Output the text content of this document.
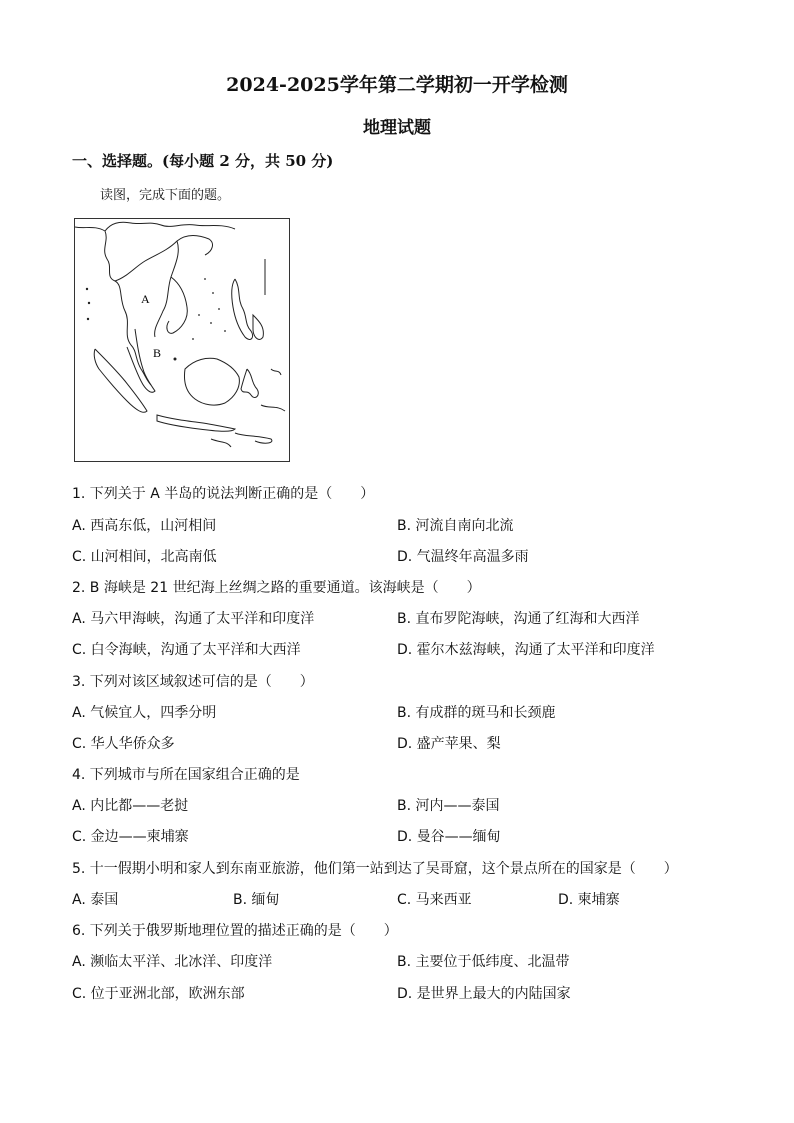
2024-2025学年第二学期初一开学检测
地理试题
一、选择题。(每小题 2 分，共 50 分)
读图，完成下面的题。
A
B
1. 下列关于 A 半岛的说法判断正确的是（　　）
A. 西高东低，山河相间	B. 河流自南向北流
C. 山河相间，北高南低	D. 气温终年高温多雨
2. B 海峡是 21 世纪海上丝绸之路的重要通道。该海峡是（　　）
A. 马六甲海峡，沟通了太平洋和印度洋	B. 直布罗陀海峡，沟通了红海和大西洋
C. 白令海峡，沟通了太平洋和大西洋	D. 霍尔木兹海峡，沟通了太平洋和印度洋
3. 下列对该区域叙述可信的是（　　）
A. 气候宜人，四季分明	B. 有成群的斑马和长颈鹿
C. 华人华侨众多	D. 盛产苹果、梨
4. 下列城市与所在国家组合正确的是
A. 内比都——老挝	B. 河内——泰国
C. 金边——柬埔寨	D. 曼谷——缅甸
5. 十一假期小明和家人到东南亚旅游，他们第一站到达了吴哥窟，这个景点所在的国家是（　　）
A. 泰国	B. 缅甸	C. 马来西亚	D. 柬埔寨
6. 下列关于俄罗斯地理位置的描述正确的是（　　）
A. 濒临太平洋、北冰洋、印度洋	B. 主要位于低纬度、北温带
C. 位于亚洲北部，欧洲东部	D. 是世界上最大的内陆国家
